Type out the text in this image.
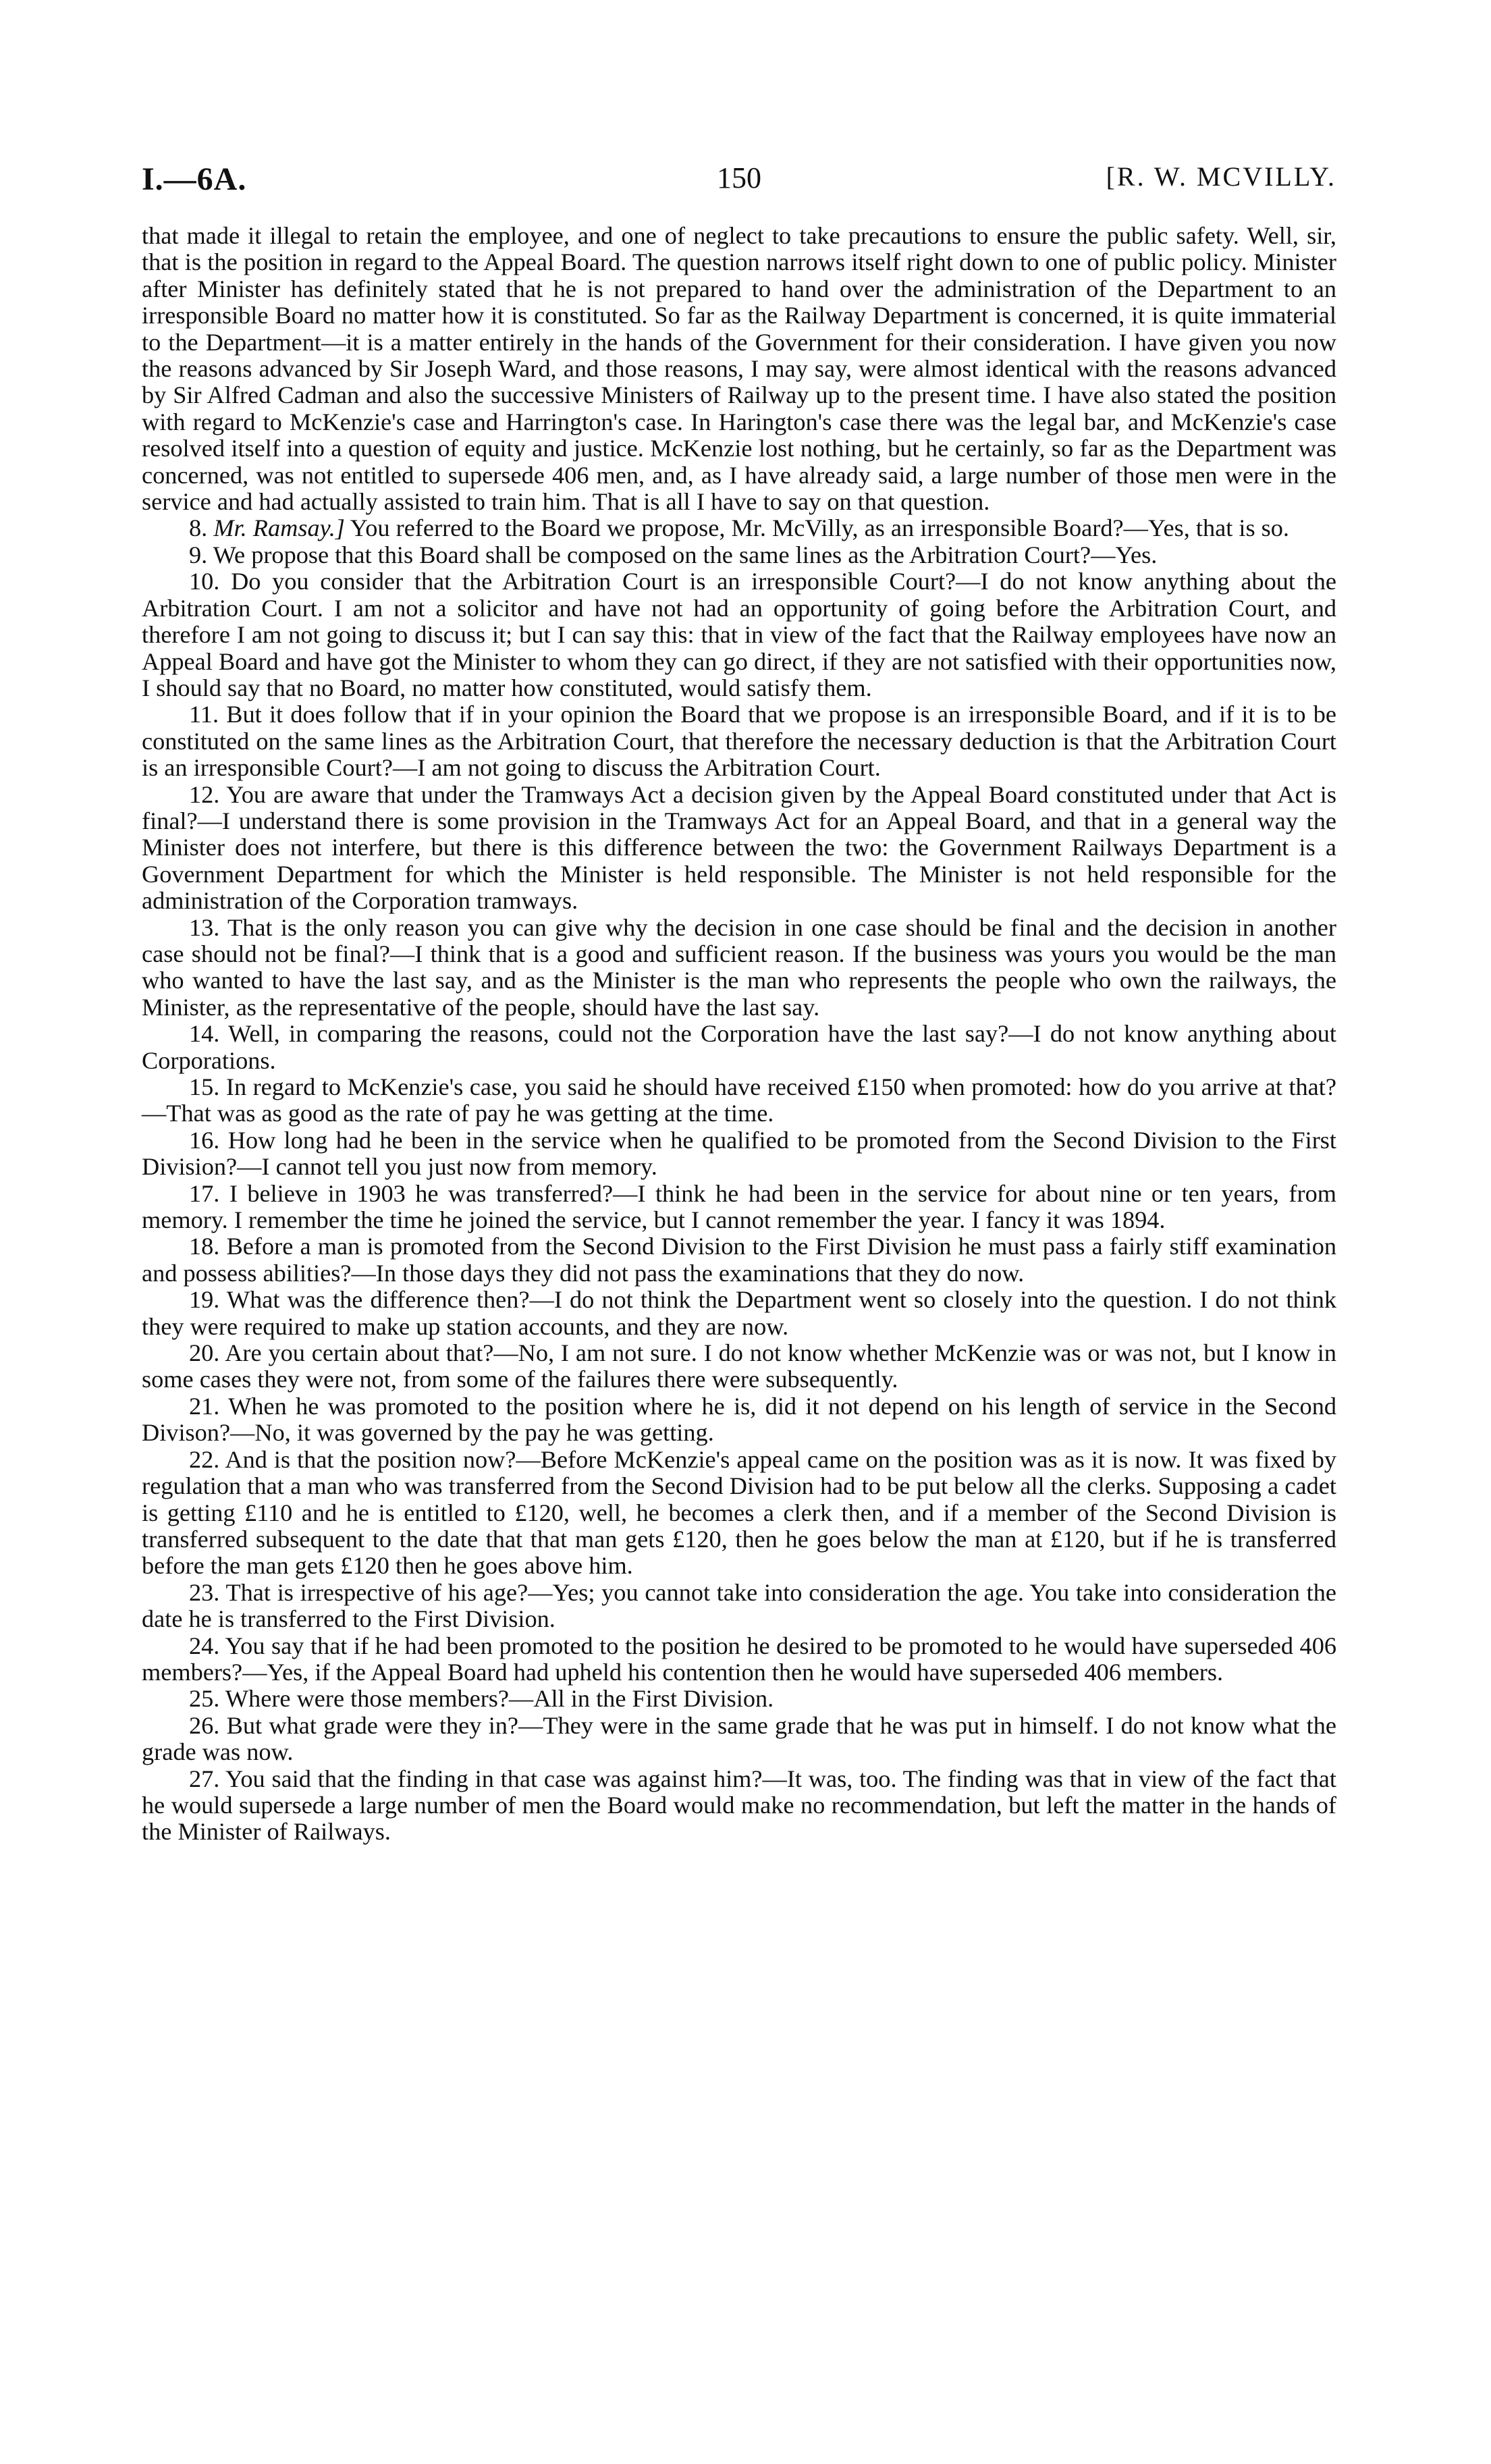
I.—6A.	150	[R. W. MCVILLY.

that made it illegal to retain the employee, and one of neglect to take precautions to ensure the public safety. Well, sir, that is the position in regard to the Appeal Board. The question narrows itself right down to one of public policy. Minister after Minister has definitely stated that he is not prepared to hand over the administration of the Department to an irresponsible Board no matter how it is constituted. So far as the Railway Department is concerned, it is quite immaterial to the Department—it is a matter entirely in the hands of the Government for their consideration. I have given you now the reasons advanced by Sir Joseph Ward, and those reasons, I may say, were almost identical with the reasons advanced by Sir Alfred Cadman and also the successive Ministers of Railway up to the present time. I have also stated the position with regard to McKenzie's case and Harrington's case. In Harington's case there was the legal bar, and McKenzie's case resolved itself into a question of equity and justice. McKenzie lost nothing, but he certainly, so far as the Department was concerned, was not entitled to supersede 406 men, and, as I have already said, a large number of those men were in the service and had actually assisted to train him. That is all I have to say on that question.

8. Mr. Ramsay.] You referred to the Board we propose, Mr. McVilly, as an irresponsible Board?—Yes, that is so.

9. We propose that this Board shall be composed on the same lines as the Arbitration Court?—Yes.

10. Do you consider that the Arbitration Court is an irresponsible Court?—I do not know anything about the Arbitration Court. I am not a solicitor and have not had an opportunity of going before the Arbitration Court, and therefore I am not going to discuss it; but I can say this: that in view of the fact that the Railway employees have now an Appeal Board and have got the Minister to whom they can go direct, if they are not satisfied with their opportunities now, I should say that no Board, no matter how constituted, would satisfy them.

11. But it does follow that if in your opinion the Board that we propose is an irresponsible Board, and if it is to be constituted on the same lines as the Arbitration Court, that therefore the necessary deduction is that the Arbitration Court is an irresponsible Court?—I am not going to discuss the Arbitration Court.

12. You are aware that under the Tramways Act a decision given by the Appeal Board constituted under that Act is final?—I understand there is some provision in the Tramways Act for an Appeal Board, and that in a general way the Minister does not interfere, but there is this difference between the two: the Government Railways Department is a Government Department for which the Minister is held responsible. The Minister is not held responsible for the administration of the Corporation tramways.

13. That is the only reason you can give why the decision in one case should be final and the decision in another case should not be final?—I think that is a good and sufficient reason. If the business was yours you would be the man who wanted to have the last say, and as the Minister is the man who represents the people who own the railways, the Minister, as the representative of the people, should have the last say.

14. Well, in comparing the reasons, could not the Corporation have the last say?—I do not know anything about Corporations.

15. In regard to McKenzie's case, you said he should have received £150 when promoted: how do you arrive at that?—That was as good as the rate of pay he was getting at the time.

16. How long had he been in the service when he qualified to be promoted from the Second Division to the First Division?—I cannot tell you just now from memory.

17. I believe in 1903 he was transferred?—I think he had been in the service for about nine or ten years, from memory. I remember the time he joined the service, but I cannot remember the year. I fancy it was 1894.

18. Before a man is promoted from the Second Division to the First Division he must pass a fairly stiff examination and possess abilities?—In those days they did not pass the examinations that they do now.

19. What was the difference then?—I do not think the Department went so closely into the question. I do not think they were required to make up station accounts, and they are now.

20. Are you certain about that?—No, I am not sure. I do not know whether McKenzie was or was not, but I know in some cases they were not, from some of the failures there were subsequently.

21. When he was promoted to the position where he is, did it not depend on his length of service in the Second Divison?—No, it was governed by the pay he was getting.

22. And is that the position now?—Before McKenzie's appeal came on the position was as it is now. It was fixed by regulation that a man who was transferred from the Second Division had to be put below all the clerks. Supposing a cadet is getting £110 and he is entitled to £120, well, he becomes a clerk then, and if a member of the Second Division is transferred subsequent to the date that that man gets £120, then he goes below the man at £120, but if he is transferred before the man gets £120 then he goes above him.

23. That is irrespective of his age?—Yes; you cannot take into consideration the age. You take into consideration the date he is transferred to the First Division.

24. You say that if he had been promoted to the position he desired to be promoted to he would have superseded 406 members?—Yes, if the Appeal Board had upheld his contention then he would have superseded 406 members.

25. Where were those members?—All in the First Division.

26. But what grade were they in?—They were in the same grade that he was put in himself. I do not know what the grade was now.

27. You said that the finding in that case was against him?—It was, too. The finding was that in view of the fact that he would supersede a large number of men the Board would make no recommendation, but left the matter in the hands of the Minister of Railways.
